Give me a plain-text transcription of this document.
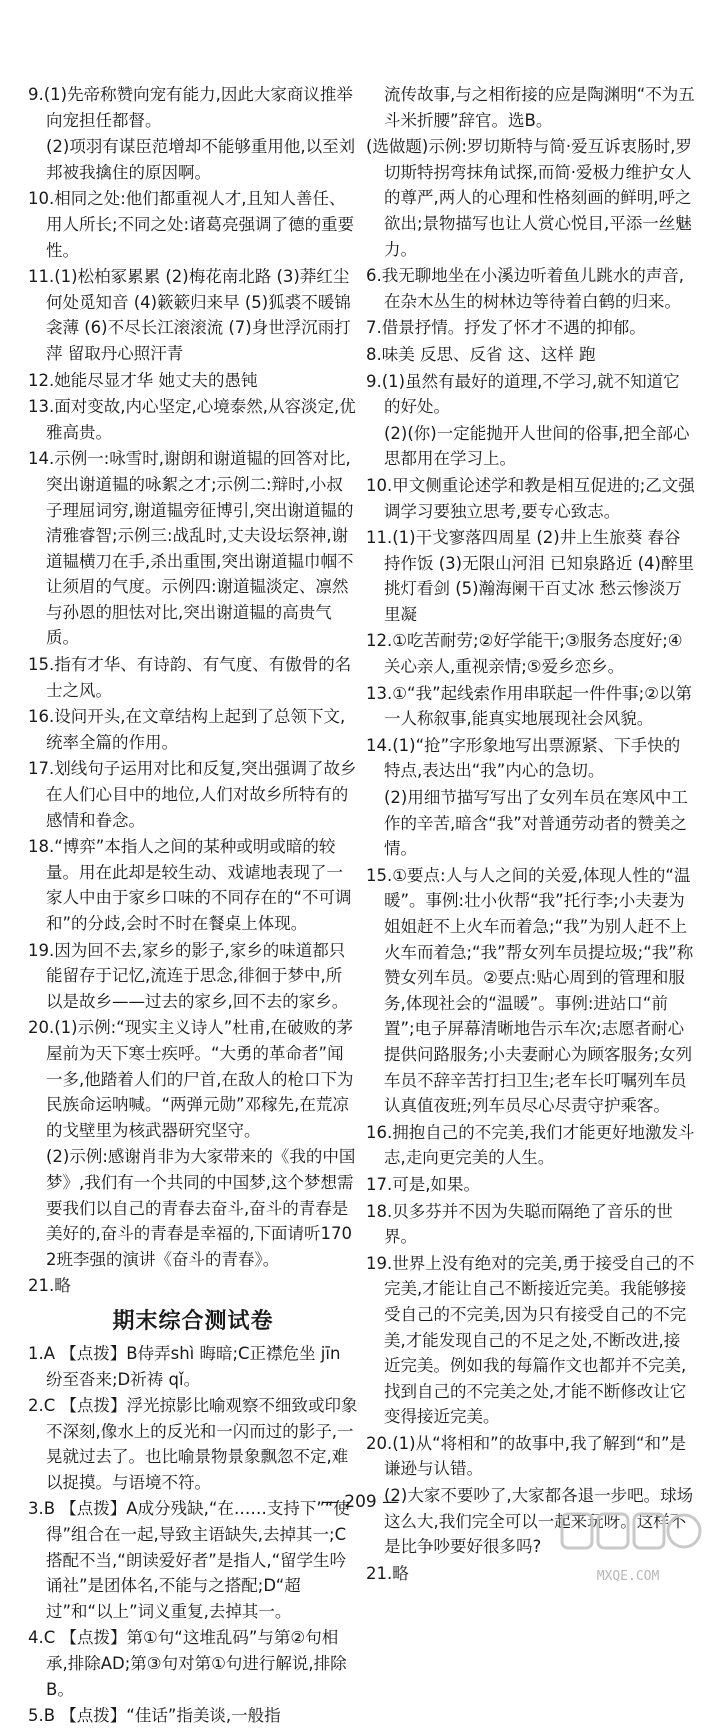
9.(1)先帝称赞向宠有能力,因此大家商议推举向宠担任都督。
(2)项羽有谋臣范增却不能够重用他,以至刘邦被我擒住的原因啊。
10.相同之处:他们都重视人才,且知人善任、用人所长;不同之处:诸葛亮强调了德的重要性。
11.(1)松柏冢累累 (2)梅花南北路 (3)莽红尘何处觅知音 (4)簌簌归来早 (5)狐裘不暖锦衾薄 (6)不尽长江滚滚流 (7)身世浮沉雨打萍 留取丹心照汗青
12.她能尽显才华 她丈夫的愚钝
13.面对变故,内心坚定,心境泰然,从容淡定,优雅高贵。
14.示例一:咏雪时,谢朗和谢道韫的回答对比,突出谢道韫的咏絮之才;示例二:辩时,小叔子理屈词穷,谢道韫旁征博引,突出谢道韫的清雅睿智;示例三:战乱时,丈夫设坛祭神,谢道韫横刀在手,杀出重围,突出谢道韫巾帼不让须眉的气度。示例四:谢道韫淡定、凛然与孙恩的胆怯对比,突出谢道韫的高贵气质。
15.指有才华、有诗韵、有气度、有傲骨的名士之风。
16.设问开头,在文章结构上起到了总领下文,统率全篇的作用。
17.划线句子运用对比和反复,突出强调了故乡在人们心目中的地位,人们对故乡所特有的感情和眷念。
18.“博弈”本指人之间的某种或明或暗的较量。用在此却是较生动、戏谑地表现了一家人中由于家乡口味的不同存在的“不可调和”的分歧,会时不时在餐桌上体现。
19.因为回不去,家乡的影子,家乡的味道都只能留存于记忆,流连于思念,徘徊于梦中,所以是故乡——过去的家乡,回不去的家乡。
20.(1)示例:“现实主义诗人”杜甫,在破败的茅屋前为天下寒士疾呼。“大勇的革命者”闻一多,他踏着人们的尸首,在敌人的枪口下为民族命运呐喊。“两弹元勋”邓稼先,在荒凉的戈壁里为核武器研究坚守。
(2)示例:感谢肖非为大家带来的《我的中国梦》,我们有一个共同的中国梦,这个梦想需要我们以自己的青春去奋斗,奋斗的青春是美好的,奋斗的青春是幸福的,下面请听1702班李强的演讲《奋斗的青春》。
21.略
期末综合测试卷
1.A 【点拨】B侍弄shì 晦暗;C正襟危坐 jīn 纷至沓来;D祈祷 qǐ。
2.C 【点拨】浮光掠影比喻观察不细致或印象不深刻,像水上的反光和一闪而过的影子,一晃就过去了。也比喻景物景象飘忽不定,难以捉摸。与语境不符。
3.B 【点拨】A成分残缺,“在……支持下”“使得”组合在一起,导致主语缺失,去掉其一;C搭配不当,“朗读爱好者”是指人,“留学生吟诵社”是团体名,不能与之搭配;D“超过”和“以上”词义重复,去掉其一。
4.C 【点拨】第①句“这堆乱码”与第②句相承,排除AD;第③句对第①句进行解说,排除B。
5.B 【点拨】“佳话”指美谈,一般指
流传故事,与之相衔接的应是陶渊明“不为五斗米折腰”辞官。选B。
(选做题)示例:罗切斯特与简·爱互诉衷肠时,罗切斯特拐弯抹角试探,而简·爱极力维护女人的尊严,两人的心理和性格刻画的鲜明,呼之欲出;景物描写也让人赏心悦目,平添一丝魅力。
6.我无聊地坐在小溪边听着鱼儿跳水的声音,在杂木丛生的树林边等待着白鹤的归来。
7.借景抒情。抒发了怀才不遇的抑郁。
8.味美 反思、反省 这、这样 跑
9.(1)虽然有最好的道理,不学习,就不知道它的好处。
(2)(你)一定能抛开人世间的俗事,把全部心思都用在学习上。
10.甲文侧重论述学和教是相互促进的;乙文强调学习要独立思考,要专心致志。
11.(1)干戈寥落四周星 (2)井上生旅葵 舂谷持作饭 (3)无限山河泪 已知泉路近 (4)醉里挑灯看剑 (5)瀚海阑干百丈冰 愁云惨淡万里凝
12.①吃苦耐劳;②好学能干;③服务态度好;④关心亲人,重视亲情;⑤爱乡恋乡。
13.①“我”起线索作用串联起一件件事;②以第一人称叙事,能真实地展现社会风貌。
14.(1)“抢”字形象地写出票源紧、下手快的特点,表达出“我”内心的急切。
(2)用细节描写写出了女列车员在寒风中工作的辛苦,暗含“我”对普通劳动者的赞美之情。
15.①要点:人与人之间的关爱,体现人性的“温暖”。事例:壮小伙帮“我”托行李;小夫妻为姐姐赶不上火车而着急;“我”为别人赶不上火车而着急;“我”帮女列车员提垃圾;“我”称赞女列车员。②要点:贴心周到的管理和服务,体现社会的“温暖”。事例:进站口“前置”;电子屏幕清晰地告示车次;志愿者耐心提供问路服务;小夫妻耐心为顾客服务;女列车员不辞辛苦打扫卫生;老车长叮嘱列车员认真值夜班;列车员尽心尽责守护乘客。
16.拥抱自己的不完美,我们才能更好地激发斗志,走向更完美的人生。
17.可是,如果。
18.贝多芬并不因为失聪而隔绝了音乐的世界。
19.世界上没有绝对的完美,勇于接受自己的不完美,才能让自己不断接近完美。我能够接受自己的不完美,因为只有接受自己的不完美,才能发现自己的不足之处,不断改进,接近完美。例如我的每篇作文也都并不完美,找到自己的不完美之处,才能不断修改让它变得接近完美。
20.(1)从“将相和”的故事中,我了解到“和”是谦逊与认错。
(2)大家不要吵了,大家都各退一步吧。球场这么大,我们完全可以一起来玩呀。这样不是比争吵要好很多吗?
21.略
— 209 —
MXQE.COM
